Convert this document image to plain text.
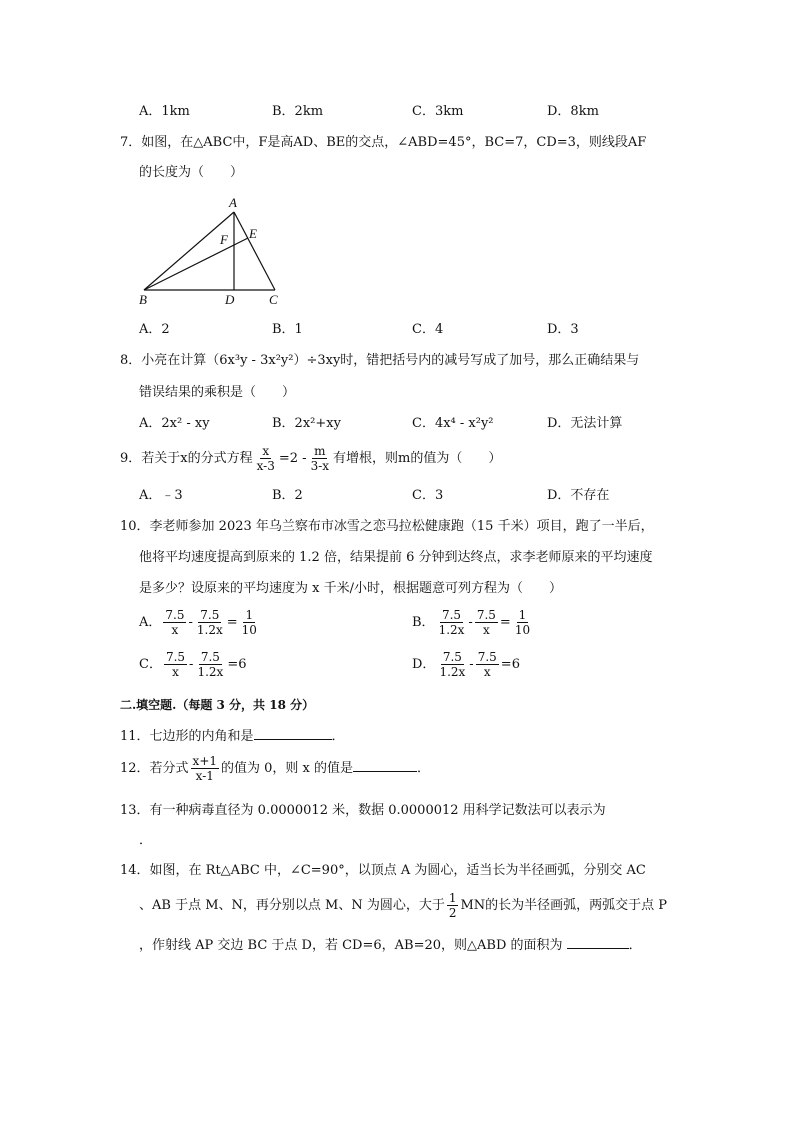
A．1km	B．2km	C．3km	D．8km
7．如图，在△ABC中，F是高AD、BE的交点，∠ABD=45°，BC=7，CD=3，则线段AF
的长度为（　　）
A
B	C
D
E
F
A．2	B．1	C．4	D．3
8．小亮在计算（6x³y - 3x²y²）÷3xy时，错把括号内的减号写成了加号，那么正确结果与
错误结果的乘积是（　　）
A．2x² - xy	B．2x²+xy	C．4x⁴ - x²y²	D．无法计算
9．若关于x的分式方程 $\frac{x}{x-3} =2 - \frac{m}{3-x}$ 有增根，则m的值为（　　）
A．﹣3	B．2	C．3	D．不存在
10．李老师参加 2023 年乌兰察布市冰雪之恋马拉松健康跑（15 千米）项目，跑了一半后，
他将平均速度提高到原来的 1.2 倍，结果提前 6 分钟到达终点，求李老师原来的平均速度
是多少？设原来的平均速度为 x 千米/小时，根据题意可列方程为（　　）
A． $\frac{7.5}{x} - \frac{7.5}{1.2x} = \frac{1}{10}$	B． $\frac{7.5}{1.2x} - \frac{7.5}{x} = \frac{1}{10}$
C． $\frac{7.5}{x} - \frac{7.5}{1.2x} =6$	D． $\frac{7.5}{1.2x} - \frac{7.5}{x} =6$
二.填空题.（每题 3 分，共 18 分）
11．七边形的内角和是	．
12．若分式 $\frac{x+1}{x-1}$ 的值为 0，则 x 的值是	．
13．有一种病毒直径为 0.0000012 米，数据 0.0000012 用科学记数法可以表示为
．
14．如图，在 Rt△ABC 中，∠C=90°，以顶点 A 为圆心，适当长为半径画弧，分别交 AC
、AB 于点 M、N，再分别以点 M、N 为圆心，大于 $\frac{1}{2}$ MN的长为半径画弧，两弧交于点 P
，作射线 AP 交边 BC 于点 D，若 CD=6，AB=20，则△ABD 的面积为	．
